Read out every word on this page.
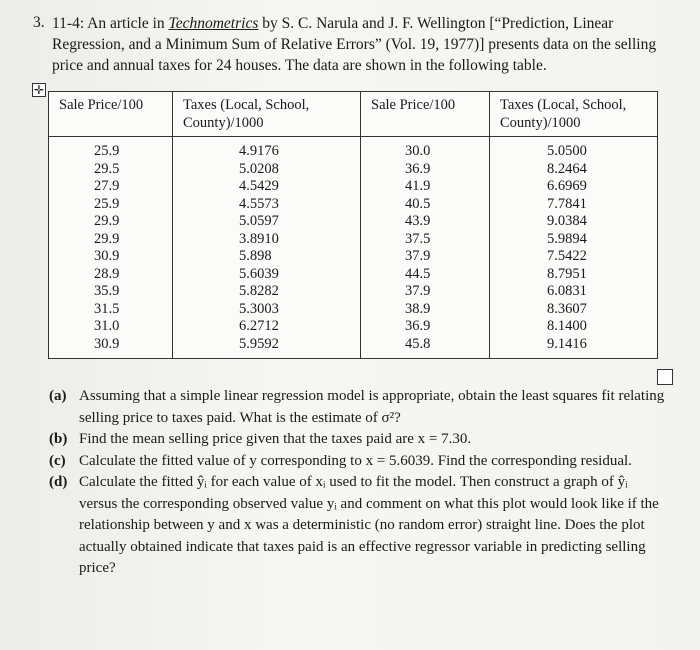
3. 11-4: An article in Technometrics by S. C. Narula and J. F. Wellington [“Prediction, Linear Regression, and a Minimum Sum of Relative Errors” (Vol. 19, 1977)] presents data on the selling price and annual taxes for 24 houses. The data are shown in the following table.
✛
Sale Price/100	Taxes (Local, School, County)/1000	Sale Price/100	Taxes (Local, School, County)/1000
25.9	4.9176	30.0	5.0500
29.5	5.0208	36.9	8.2464
27.9	4.5429	41.9	6.6969
25.9	4.5573	40.5	7.7841
29.9	5.0597	43.9	9.0384
29.9	3.8910	37.5	5.9894
30.9	5.898	37.9	7.5422
28.9	5.6039	44.5	8.7951
35.9	5.8282	37.9	6.0831
31.5	5.3003	38.9	8.3607
31.0	6.2712	36.9	8.1400
30.9	5.9592	45.8	9.1416
(a) Assuming that a simple linear regression model is appropriate, obtain the least squares fit relating selling price to taxes paid. What is the estimate of σ²?
(b) Find the mean selling price given that the taxes paid are x = 7.30.
(c) Calculate the fitted value of y corresponding to x = 5.6039. Find the corresponding residual.
(d) Calculate the fitted ŷᵢ for each value of xᵢ used to fit the model. Then construct a graph of ŷᵢ versus the corresponding observed value yᵢ and comment on what this plot would look like if the relationship between y and x was a deterministic (no random error) straight line. Does the plot actually obtained indicate that taxes paid is an effective regressor variable in predicting selling price?
